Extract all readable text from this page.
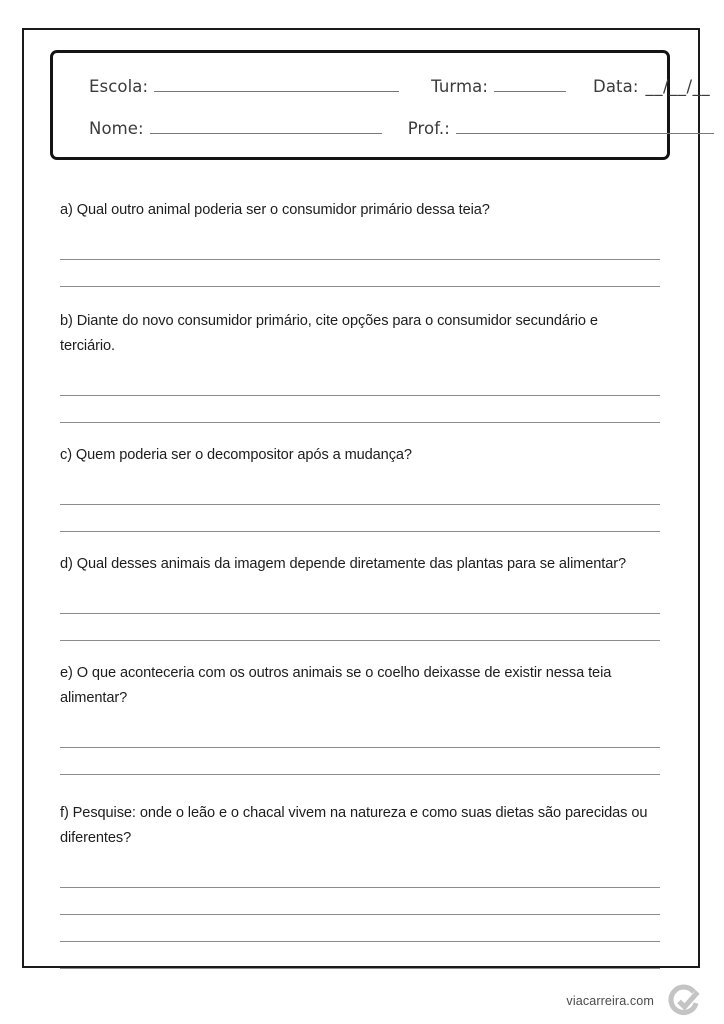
Escola:	Turma:	Data: __/__/__
Nome:	Prof.:

a) Qual outro animal poderia ser o consumidor primário dessa teia?

b) Diante do novo consumidor primário, cite opções para o consumidor secundário e terciário.

c) Quem poderia ser o decompositor após a mudança?

d) Qual desses animais da imagem depende diretamente das plantas para se alimentar?

e) O que aconteceria com os outros animais se o coelho deixasse de existir nessa teia alimentar?

f) Pesquise: onde o leão e o chacal vivem na natureza e como suas dietas são parecidas ou diferentes?

viacarreira.com
